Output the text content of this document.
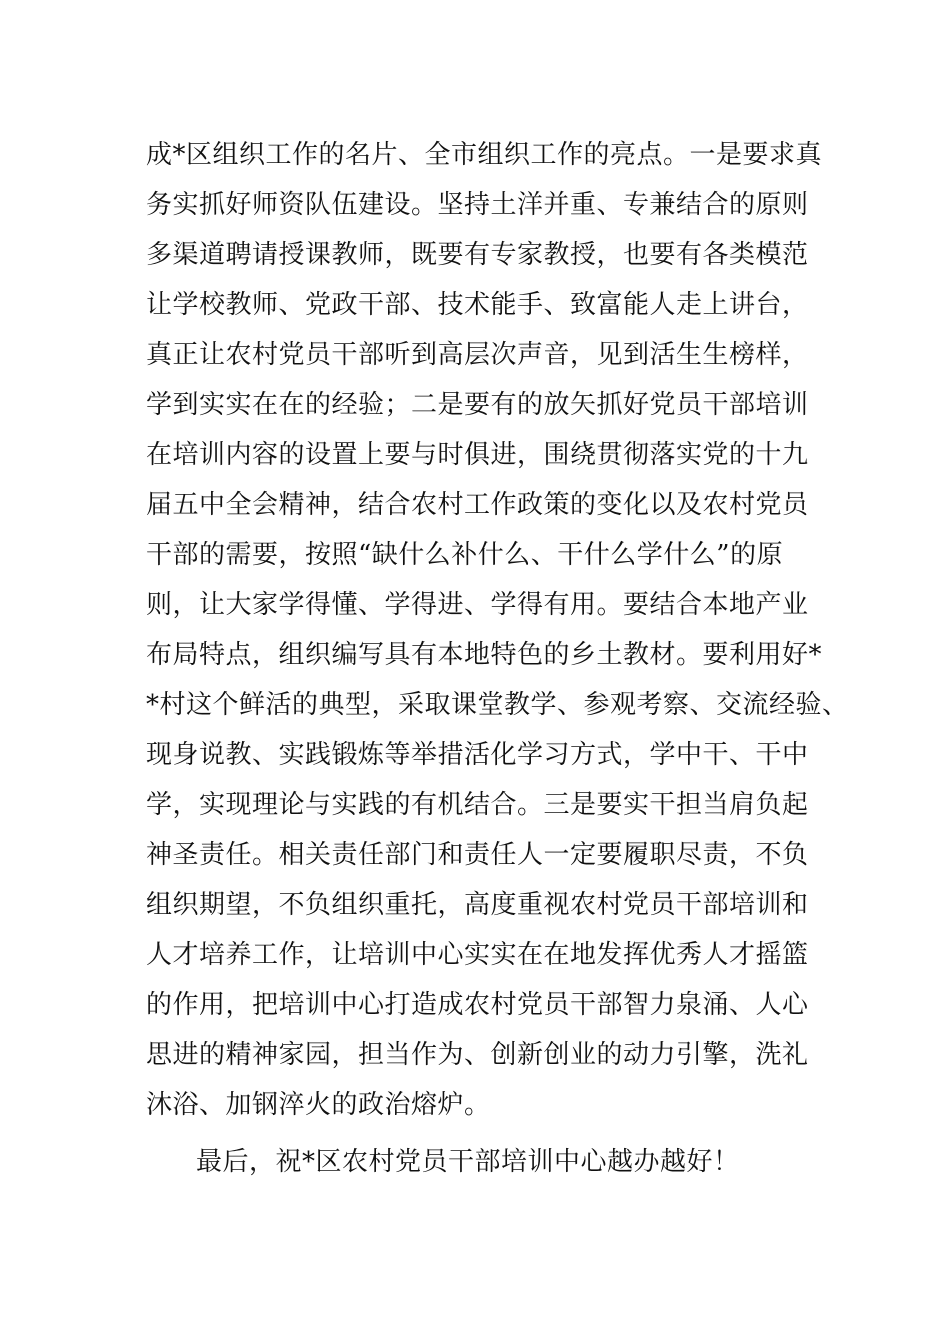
成*区组织工作的名片、全市组织工作的亮点。一是要求真
务实抓好师资队伍建设。坚持土洋并重、专兼结合的原则
多渠道聘请授课教师，既要有专家教授，也要有各类模范
让学校教师、党政干部、技术能手、致富能人走上讲台，
真正让农村党员干部听到高层次声音，见到活生生榜样，
学到实实在在的经验；二是要有的放矢抓好党员干部培训
在培训内容的设置上要与时俱进，围绕贯彻落实党的十九
届五中全会精神，结合农村工作政策的变化以及农村党员
干部的需要，按照“缺什么补什么、干什么学什么”的原
则，让大家学得懂、学得进、学得有用。要结合本地产业
布局特点，组织编写具有本地特色的乡土教材。要利用好*
*村这个鲜活的典型，采取课堂教学、参观考察、交流经验、
现身说教、实践锻炼等举措活化学习方式，学中干、干中
学，实现理论与实践的有机结合。三是要实干担当肩负起
神圣责任。相关责任部门和责任人一定要履职尽责，不负
组织期望，不负组织重托，高度重视农村党员干部培训和
人才培养工作，让培训中心实实在在地发挥优秀人才摇篮
的作用，把培训中心打造成农村党员干部智力泉涌、人心
思进的精神家园，担当作为、创新创业的动力引擎，洗礼
沐浴、加钢淬火的政治熔炉。
最后，祝*区农村党员干部培训中心越办越好！
